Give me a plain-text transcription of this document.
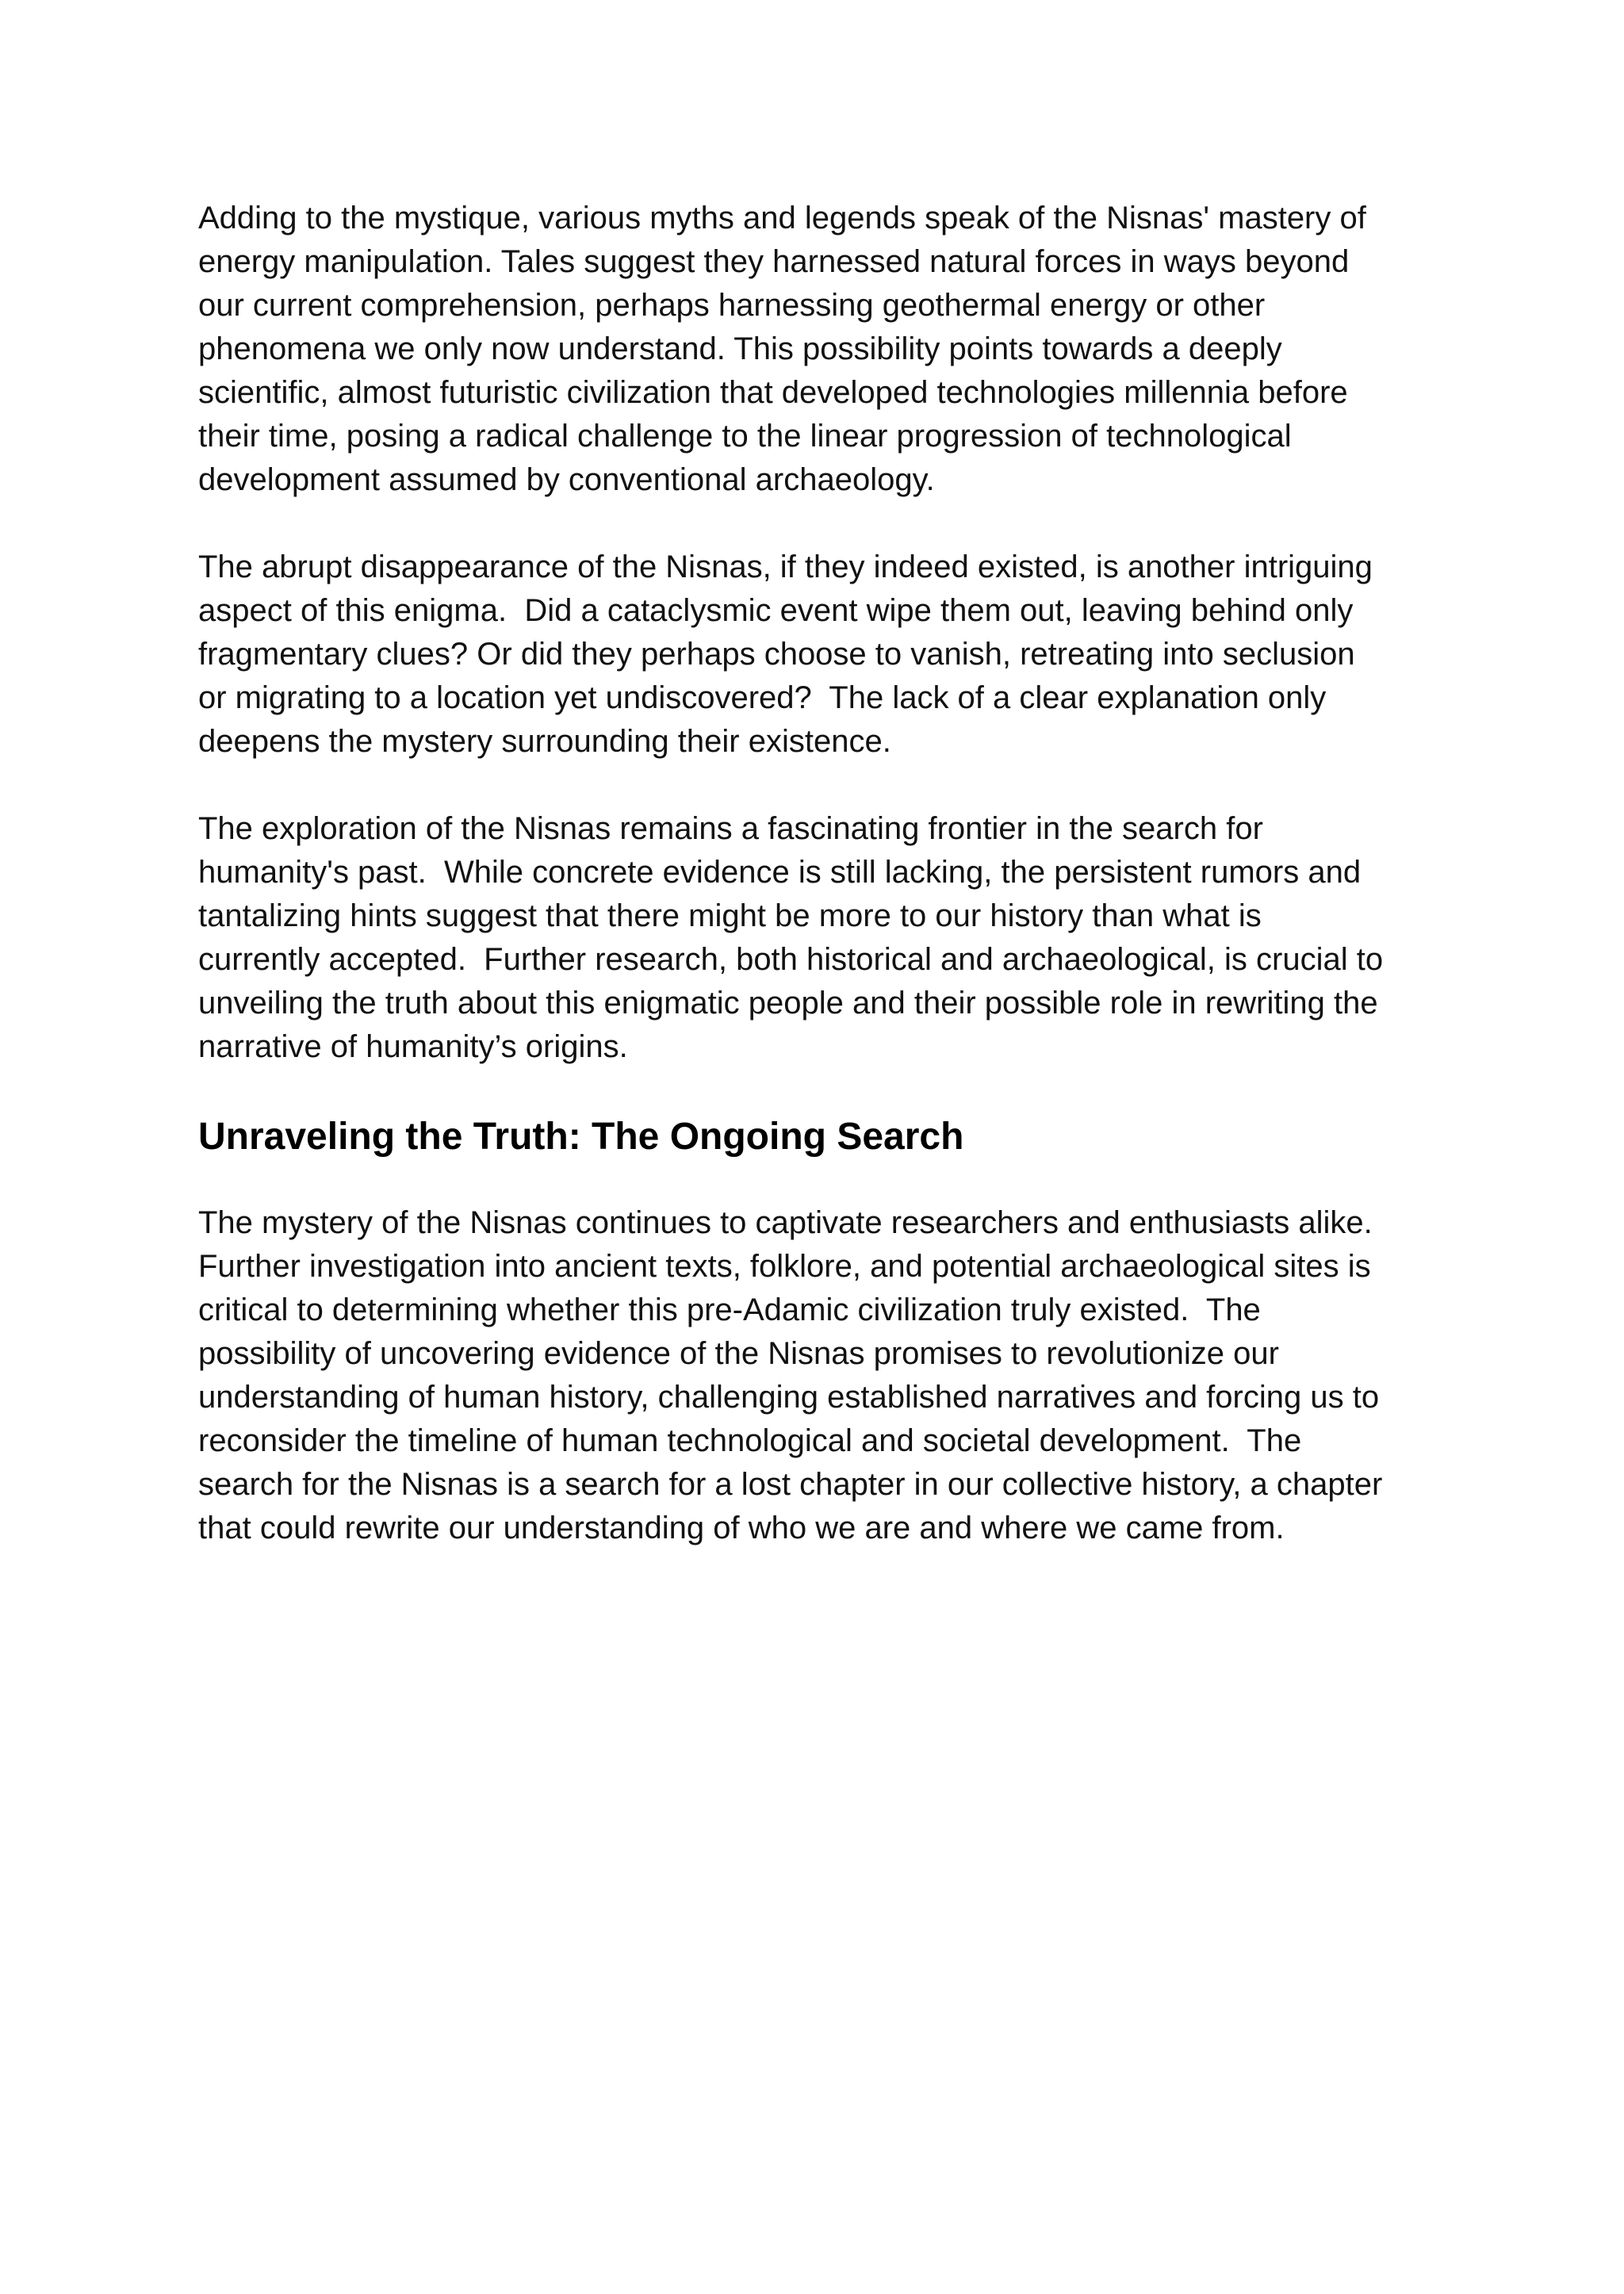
Adding to the mystique, various myths and legends speak of the Nisnas' mastery of
energy manipulation. Tales suggest they harnessed natural forces in ways beyond
our current comprehension, perhaps harnessing geothermal energy or other
phenomena we only now understand. This possibility points towards a deeply
scientific, almost futuristic civilization that developed technologies millennia before
their time, posing a radical challenge to the linear progression of technological
development assumed by conventional archaeology.

The abrupt disappearance of the Nisnas, if they indeed existed, is another intriguing
aspect of this enigma.  Did a cataclysmic event wipe them out, leaving behind only
fragmentary clues? Or did they perhaps choose to vanish, retreating into seclusion
or migrating to a location yet undiscovered?  The lack of a clear explanation only
deepens the mystery surrounding their existence.

The exploration of the Nisnas remains a fascinating frontier in the search for
humanity's past.  While concrete evidence is still lacking, the persistent rumors and
tantalizing hints suggest that there might be more to our history than what is
currently accepted.  Further research, both historical and archaeological, is crucial to
unveiling the truth about this enigmatic people and their possible role in rewriting the
narrative of humanity’s origins.

Unraveling the Truth: The Ongoing Search

The mystery of the Nisnas continues to captivate researchers and enthusiasts alike.
Further investigation into ancient texts, folklore, and potential archaeological sites is
critical to determining whether this pre-Adamic civilization truly existed.  The
possibility of uncovering evidence of the Nisnas promises to revolutionize our
understanding of human history, challenging established narratives and forcing us to
reconsider the timeline of human technological and societal development.  The
search for the Nisnas is a search for a lost chapter in our collective history, a chapter
that could rewrite our understanding of who we are and where we came from.
